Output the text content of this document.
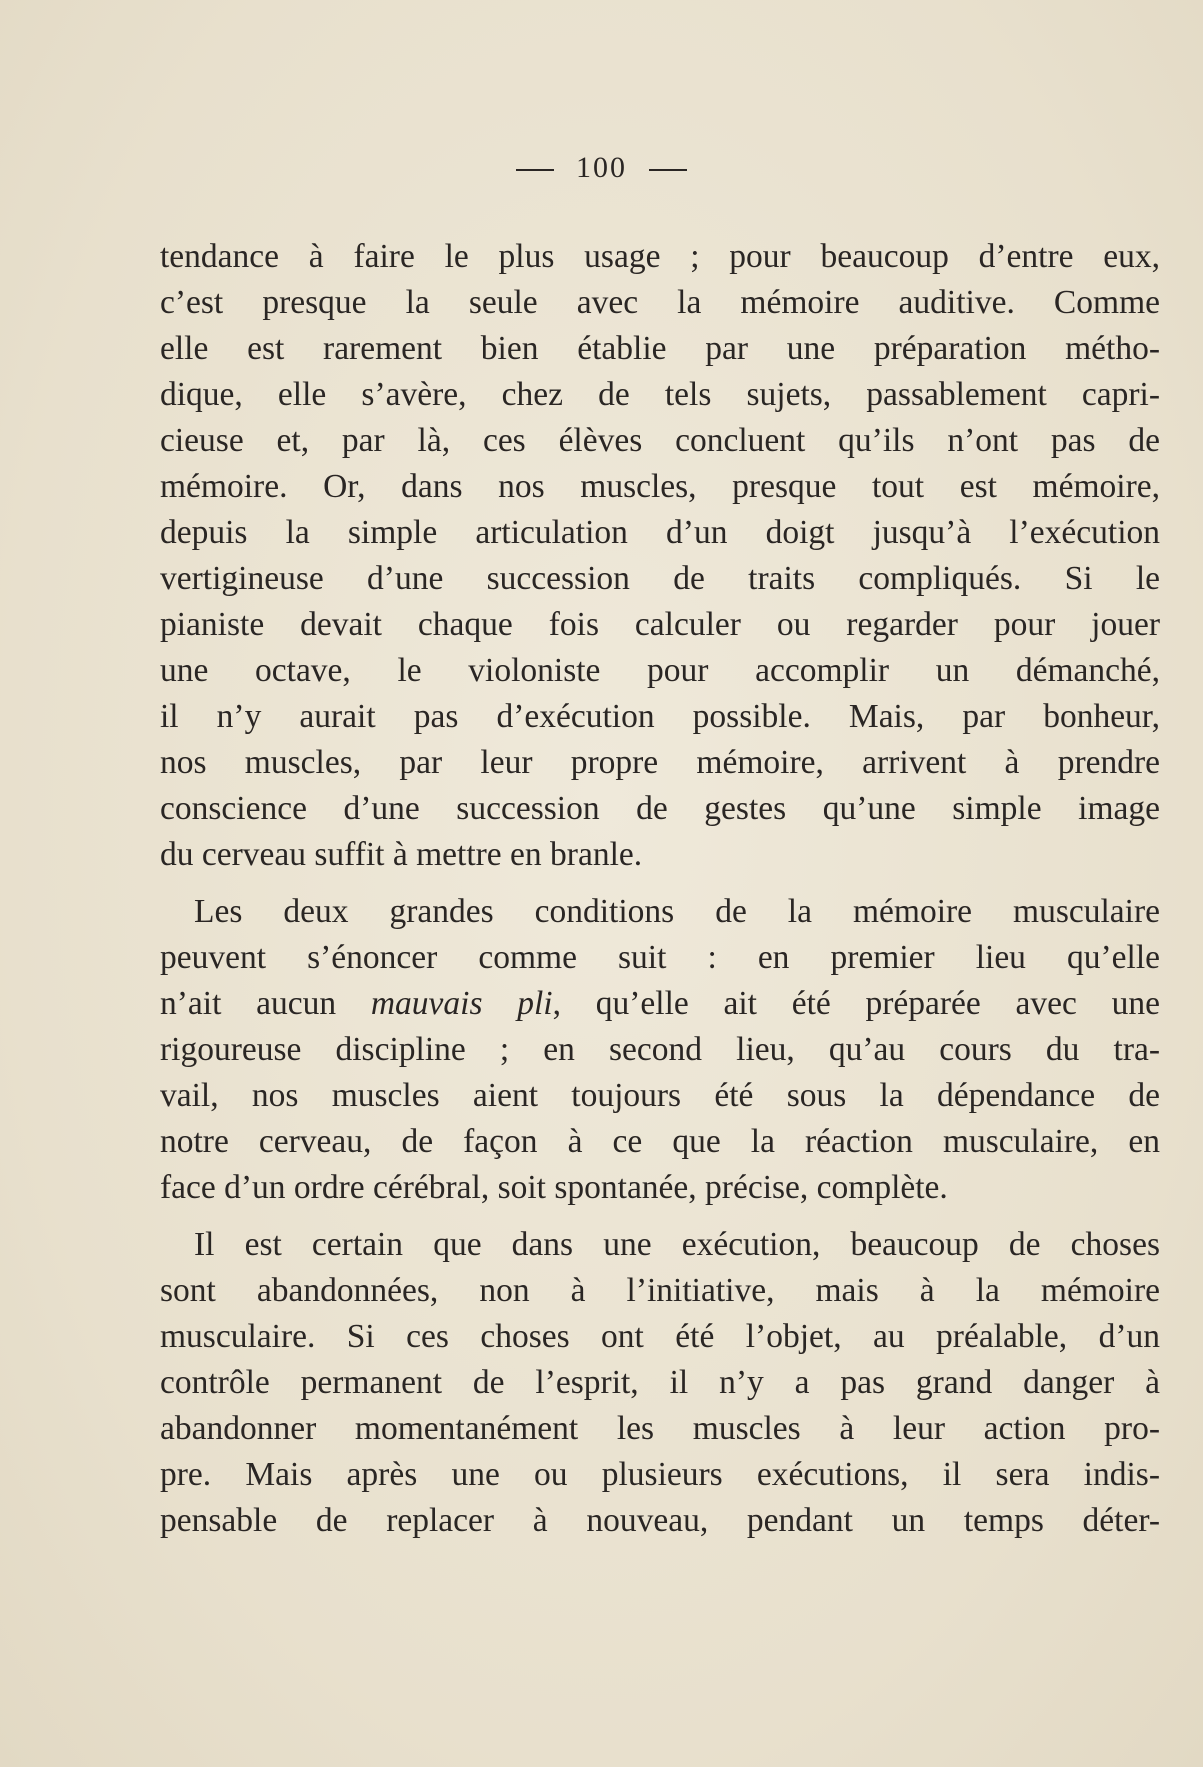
100

tendance à faire le plus usage ; pour beaucoup d’entre eux,
c’est presque la seule avec la mémoire auditive. Comme
elle est rarement bien établie par une préparation métho-
dique, elle s’avère, chez de tels sujets, passablement capri-
cieuse et, par là, ces élèves concluent qu’ils n’ont pas de
mémoire. Or, dans nos muscles, presque tout est mémoire,
depuis la simple articulation d’un doigt jusqu’à l’exécution
vertigineuse d’une succession de traits compliqués. Si le
pianiste devait chaque fois calculer ou regarder pour jouer
une octave, le violoniste pour accomplir un démanché,
il n’y aurait pas d’exécution possible. Mais, par bonheur,
nos muscles, par leur propre mémoire, arrivent à prendre
conscience d’une succession de gestes qu’une simple image
du cerveau suffit à mettre en branle.

Les deux grandes conditions de la mémoire musculaire
peuvent s’énoncer comme suit : en premier lieu qu’elle
n’ait aucun mauvais pli, qu’elle ait été préparée avec une
rigoureuse discipline ; en second lieu, qu’au cours du tra-
vail, nos muscles aient toujours été sous la dépendance de
notre cerveau, de façon à ce que la réaction musculaire, en
face d’un ordre cérébral, soit spontanée, précise, complète.

Il est certain que dans une exécution, beaucoup de choses
sont abandonnées, non à l’initiative, mais à la mémoire
musculaire. Si ces choses ont été l’objet, au préalable, d’un
contrôle permanent de l’esprit, il n’y a pas grand danger à
abandonner momentanément les muscles à leur action pro-
pre. Mais après une ou plusieurs exécutions, il sera indis-
pensable de replacer à nouveau, pendant un temps déter-
